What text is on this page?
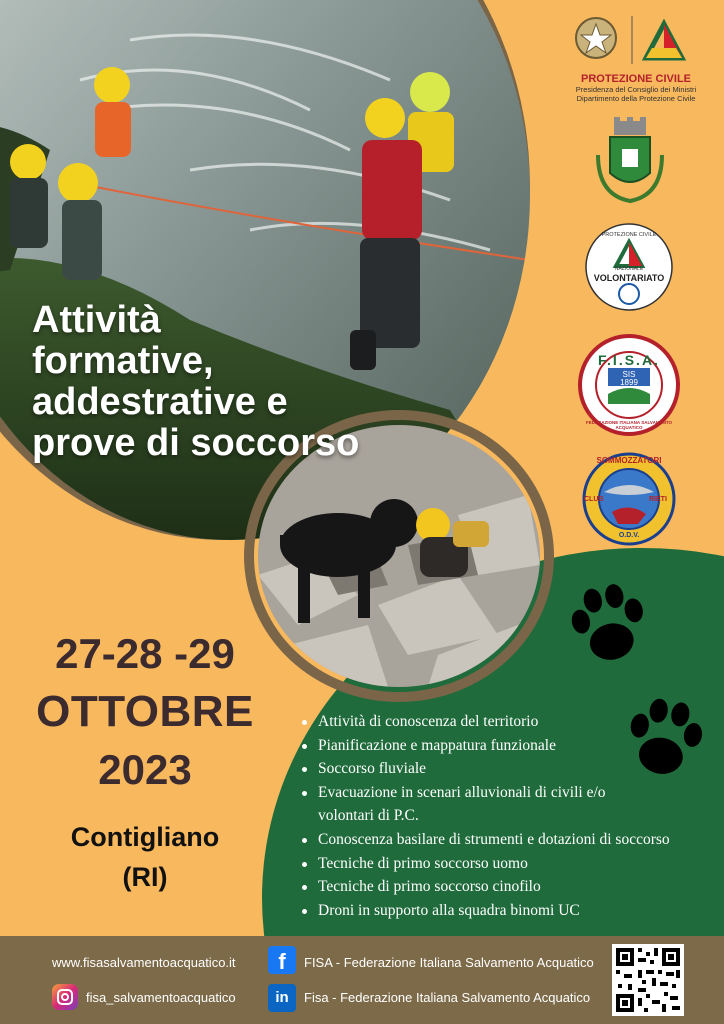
Attività
formative,
addestrative e
prove di soccorso
27-28 -29
OTTOBRE
2023
Contigliano
(RI)
Attività di conoscenza del territorio
Pianificazione e mappatura funzionale
Soccorso fluviale
Evacuazione in scenari alluvionali di civili e/o
volontari di P.C.
Conoscenza basilare di strumenti e dotazioni di soccorso
Tecniche di primo soccorso uomo
Tecniche di primo soccorso cinofilo
Droni in supporto alla squadra binomi UC
PROTEZIONE CIVILE
Presidenza del Consiglio dei Ministri
Dipartimento della Protezione Civile
PROTEZIONE CIVILE
NAZIONALE
VOLONTARIATO
F.I.S.A.
SIS
1899
FEDERAZIONE ITALIANA SALVAMENTO ACQUATICO
SOMMOZZATORI
CLUB	RIETI
O.D.V.
www.fisasalvamentoacquatico.it
fisa_salvamentoacquatico
f	FISA - Federazione Italiana Salvamento Acquatico
in	Fisa - Federazione Italiana Salvamento Acquatico
